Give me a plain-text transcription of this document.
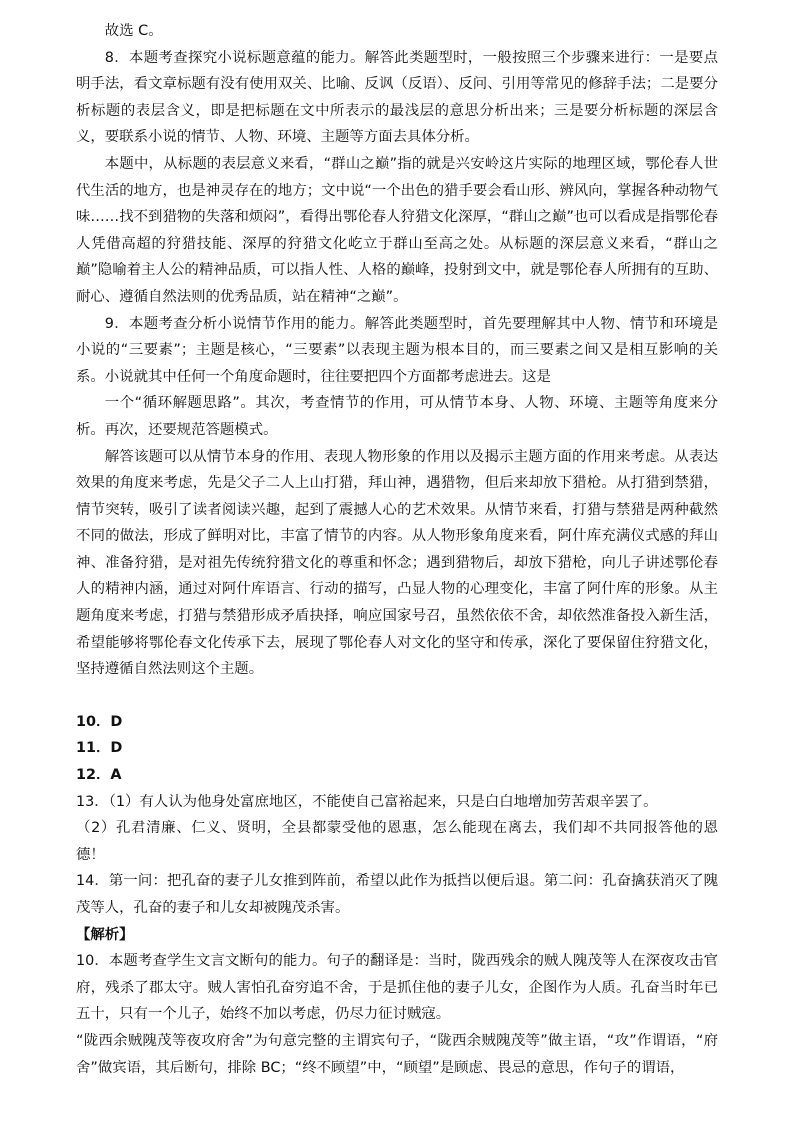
故选 C。

8．本题考查探究小说标题意蕴的能力。解答此类题型时，一般按照三个步骤来进行：一是要点明手法，看文章标题有没有使用双关、比喻、反讽（反语）、反问、引用等常见的修辞手法；二是要分析标题的表层含义，即是把标题在文中所表示的最浅层的意思分析出来；三是要分析标题的深层含义，要联系小说的情节、人物、环境、主题等方面去具体分析。

本题中，从标题的表层意义来看，“群山之巅”指的就是兴安岭这片实际的地理区域，鄂伦春人世代生活的地方，也是神灵存在的地方；文中说“一个出色的猎手要会看山形、辨风向，掌握各种动物气味……找不到猎物的失落和烦闷”，看得出鄂伦春人狩猎文化深厚，“群山之巅”也可以看成是指鄂伦春人凭借高超的狩猎技能、深厚的狩猎文化屹立于群山至高之处。从标题的深层意义来看，“群山之巅”隐喻着主人公的精神品质，可以指人性、人格的巅峰，投射到文中，就是鄂伦春人所拥有的互助、耐心、遵循自然法则的优秀品质，站在精神“之巅”。

9．本题考查分析小说情节作用的能力。解答此类题型时，首先要理解其中人物、情节和环境是小说的“三要素”；主题是核心，“三要素”以表现主题为根本目的，而三要素之间又是相互影响的关系。小说就其中任何一个角度命题时，往往要把四个方面都考虑进去。这是

一个“循环解题思路”。其次，考查情节的作用，可从情节本身、人物、环境、主题等角度来分析。再次，还要规范答题模式。

解答该题可以从情节本身的作用、表现人物形象的作用以及揭示主题方面的作用来考虑。从表达效果的角度来考虑，先是父子二人上山打猎，拜山神，遇猎物，但后来却放下猎枪。从打猎到禁猎，情节突转，吸引了读者阅读兴趣，起到了震撼人心的艺术效果。从情节来看，打猎与禁猎是两种截然不同的做法，形成了鲜明对比，丰富了情节的内容。从人物形象角度来看，阿什库充满仪式感的拜山神、准备狩猎，是对祖先传统狩猎文化的尊重和怀念；遇到猎物后，却放下猎枪，向儿子讲述鄂伦春人的精神内涵，通过对阿什库语言、行动的描写，凸显人物的心理变化，丰富了阿什库的形象。从主题角度来考虑，打猎与禁猎形成矛盾抉择，响应国家号召，虽然依依不舍，却依然准备投入新生活，希望能够将鄂伦春文化传承下去，展现了鄂伦春人对文化的坚守和传承，深化了要保留住狩猎文化，坚持遵循自然法则这个主题。

10．D

11．D

12．A

13．（1）有人认为他身处富庶地区，不能使自己富裕起来，只是白白地增加劳苦艰辛罢了。

（2）孔君清廉、仁义、贤明，全县都蒙受他的恩惠，怎么能现在离去，我们却不共同报答他的恩德！

14．第一问：把孔奋的妻子儿女推到阵前，希望以此作为抵挡以便后退。第二问：孔奋擒获消灭了隗茂等人，孔奋的妻子和儿女却被隗茂杀害。

【解析】

10．本题考查学生文言文断句的能力。句子的翻译是：当时，陇西残余的贼人隗茂等人在深夜攻击官府，残杀了郡太守。贼人害怕孔奋穷追不舍，于是抓住他的妻子儿女，企图作为人质。孔奋当时年已五十，只有一个儿子，始终不加以考虑，仍尽力征讨贼寇。

“陇西余贼隗茂等夜攻府舍”为句意完整的主谓宾句子，“陇西余贼隗茂等”做主语，“攻”作谓语，“府舍”做宾语，其后断句，排除 BC；“终不顾望”中，“顾望”是顾虑、畏忌的意思，作句子的谓语，
